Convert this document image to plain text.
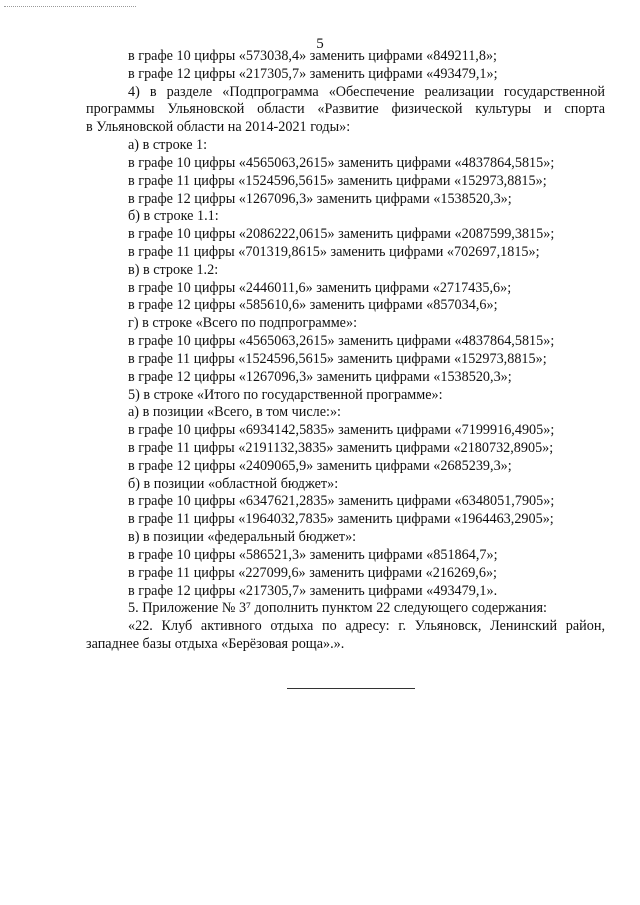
5
в графе 10 цифры «573038,4» заменить цифрами «849211,8»;
в графе 12 цифры «217305,7» заменить цифрами «493479,1»;
4) в разделе «Подпрограмма «Обеспечение реализации государственной
программы Ульяновской области «Развитие физической культуры и спорта
в Ульяновской области на 2014-2021 годы»:
а) в строке 1:
в графе 10 цифры «4565063,2615» заменить цифрами «4837864,5815»;
в графе 11 цифры «1524596,5615» заменить цифрами «152973,8815»;
в графе 12 цифры «1267096,3» заменить цифрами «1538520,3»;
б) в строке 1.1:
в графе 10 цифры «2086222,0615» заменить цифрами «2087599,3815»;
в графе 11 цифры «701319,8615» заменить цифрами «702697,1815»;
в) в строке 1.2:
в графе 10 цифры «2446011,6» заменить цифрами «2717435,6»;
в графе 12 цифры «585610,6» заменить цифрами «857034,6»;
г) в строке «Всего по подпрограмме»:
в графе 10 цифры «4565063,2615» заменить цифрами «4837864,5815»;
в графе 11 цифры «1524596,5615» заменить цифрами «152973,8815»;
в графе 12 цифры «1267096,3» заменить цифрами «1538520,3»;
5) в строке «Итого по государственной программе»:
а) в позиции «Всего, в том числе:»:
в графе 10 цифры «6934142,5835» заменить цифрами «7199916,4905»;
в графе 11 цифры «2191132,3835» заменить цифрами «2180732,8905»;
в графе 12 цифры «2409065,9» заменить цифрами «2685239,3»;
б) в позиции «областной бюджет»:
в графе 10 цифры «6347621,2835» заменить цифрами «6348051,7905»;
в графе 11 цифры «1964032,7835» заменить цифрами «1964463,2905»;
в) в позиции «федеральный бюджет»:
в графе 10 цифры «586521,3» заменить цифрами «851864,7»;
в графе 11 цифры «227099,6» заменить цифрами «216269,6»;
в графе 12 цифры «217305,7» заменить цифрами «493479,1».
5. Приложение № 3⁷ дополнить пунктом 22 следующего содержания:
«22. Клуб активного отдыха по адресу: г. Ульяновск, Ленинский район,
западнее базы отдыха «Берёзовая роща».».
